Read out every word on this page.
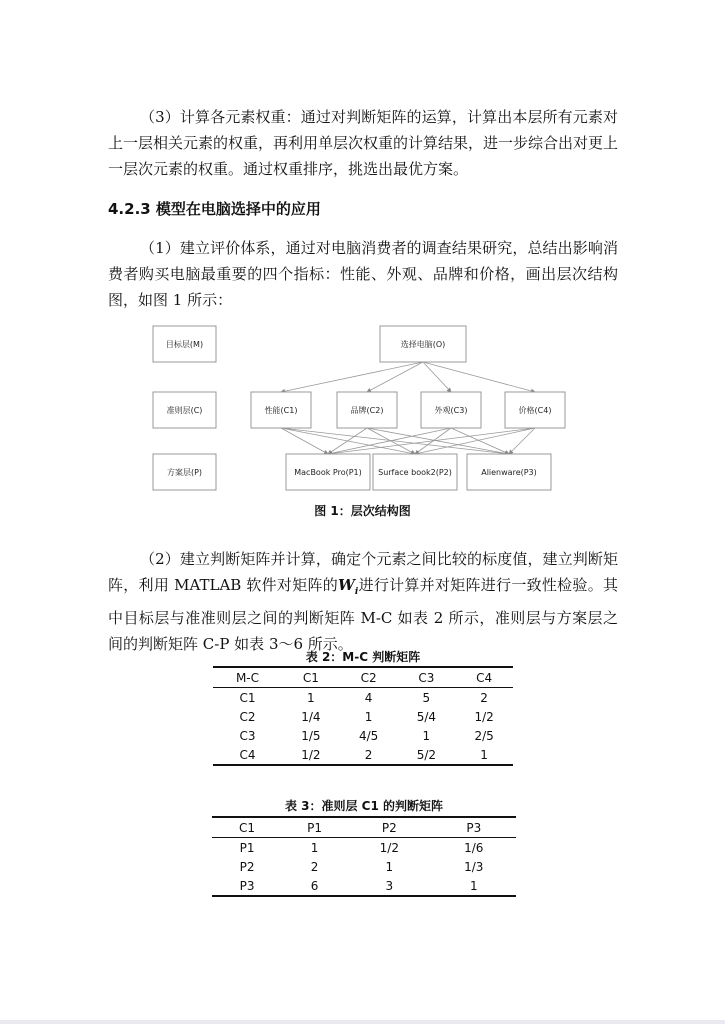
（3）计算各元素权重：通过对判断矩阵的运算，计算出本层所有元素对上一层相关元素的权重，再利用单层次权重的计算结果，进一步综合出对更上一层次元素的权重。通过权重排序，挑选出最优方案。

4.2.3 模型在电脑选择中的应用

（1）建立评价体系，通过对电脑消费者的调查结果研究，总结出影响消费者购买电脑最重要的四个指标：性能、外观、品牌和价格，画出层次结构图，如图 1 所示：

目标层(M)
准则层(C)
方案层(P)
选择电脑(O)
性能(C1)	品牌(C2)	外观(C3)	价格(C4)
MacBook Pro(P1) Surface book2(P2)	Alienware(P3)
图 1：层次结构图

（2）建立判断矩阵并计算，确定个元素之间比较的标度值，建立判断矩阵，利用 MATLAB 软件对矩阵的$W_i$进行计算并对矩阵进行一致性检验。其中目标层与准准则层之间的判断矩阵 M-C 如表 2 所示，准则层与方案层之间的判断矩阵 C-P 如表 3～6 所示。

表 2：M-C 判断矩阵
M-C	C1	C2	C3	C4
C1	1	4	5	2
C2	1/4	1	5/4	1/2
C3	1/5	4/5	1	2/5
C4	1/2	2	5/2	1
表 3：准则层 C1 的判断矩阵
C1	P1	P2	P3
P1	1	1/2	1/6
P2	2	1	1/3
P3	6	3	1
